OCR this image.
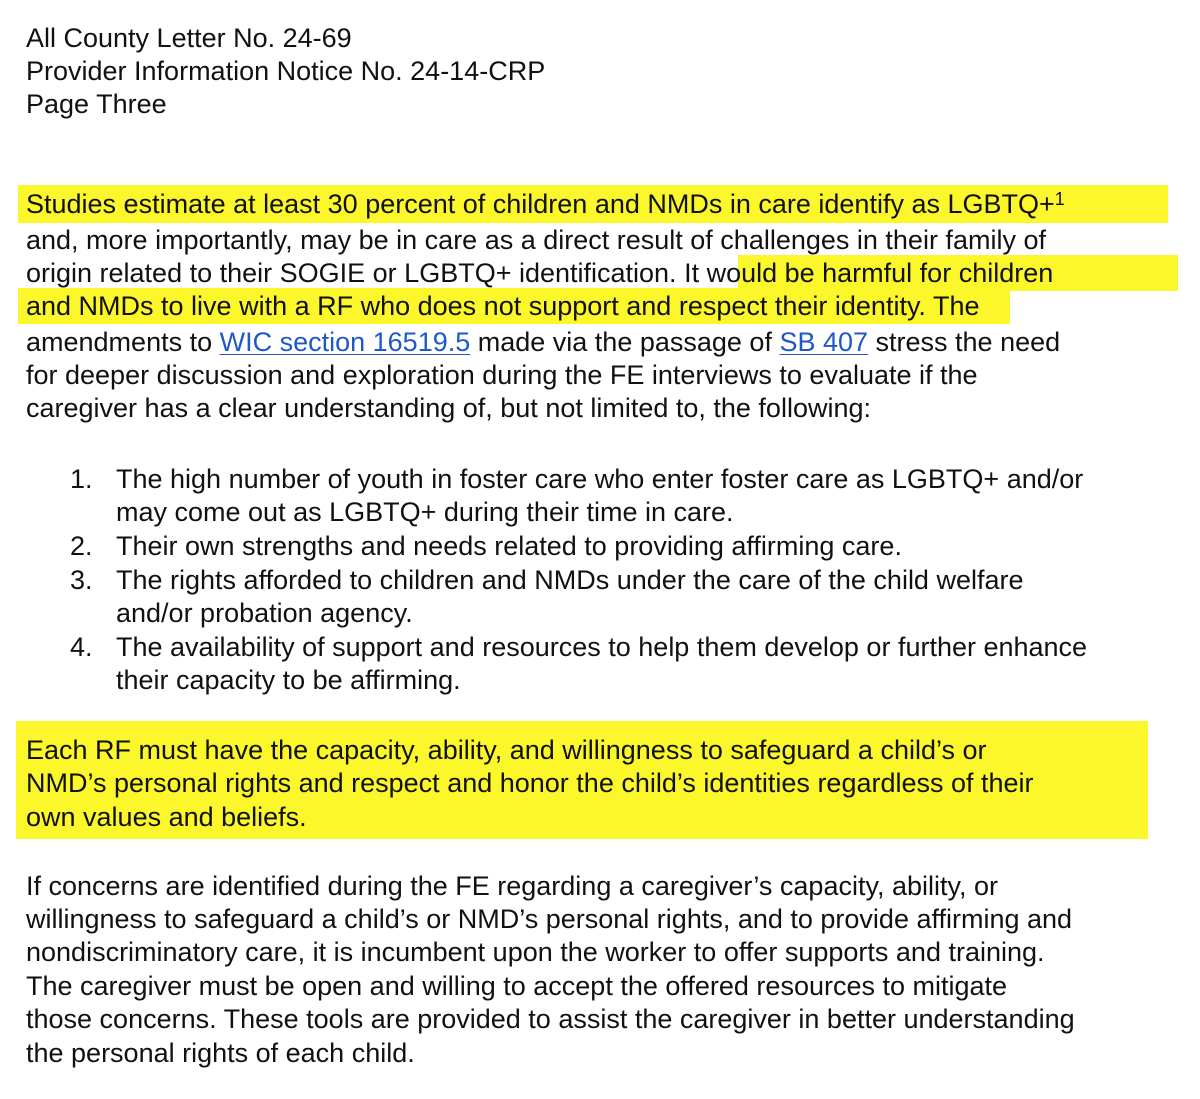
All County Letter No. 24-69
Provider Information Notice No. 24-14-CRP
Page Three
Studies estimate at least 30 percent of children and NMDs in care identify as LGBTQ+$^1$
and, more importantly, may be in care as a direct result of challenges in their family of
origin related to their SOGIE or LGBTQ+ identification. It would be harmful for children
and NMDs to live with a RF who does not support and respect their identity. The
amendments to WIC section 16519.5 made via the passage of SB 407 stress the need
for deeper discussion and exploration during the FE interviews to evaluate if the
caregiver has a clear understanding of, but not limited to, the following:
1. The high number of youth in foster care who enter foster care as LGBTQ+ and/or
may come out as LGBTQ+ during their time in care.
2. Their own strengths and needs related to providing affirming care.
3. The rights afforded to children and NMDs under the care of the child welfare
and/or probation agency.
4. The availability of support and resources to help them develop or further enhance
their capacity to be affirming.
Each RF must have the capacity, ability, and willingness to safeguard a child’s or
NMD’s personal rights and respect and honor the child’s identities regardless of their
own values and beliefs.
If concerns are identified during the FE regarding a caregiver’s capacity, ability, or
willingness to safeguard a child’s or NMD’s personal rights, and to provide affirming and
nondiscriminatory care, it is incumbent upon the worker to offer supports and training.
The caregiver must be open and willing to accept the offered resources to mitigate
those concerns. These tools are provided to assist the caregiver in better understanding
the personal rights of each child.
